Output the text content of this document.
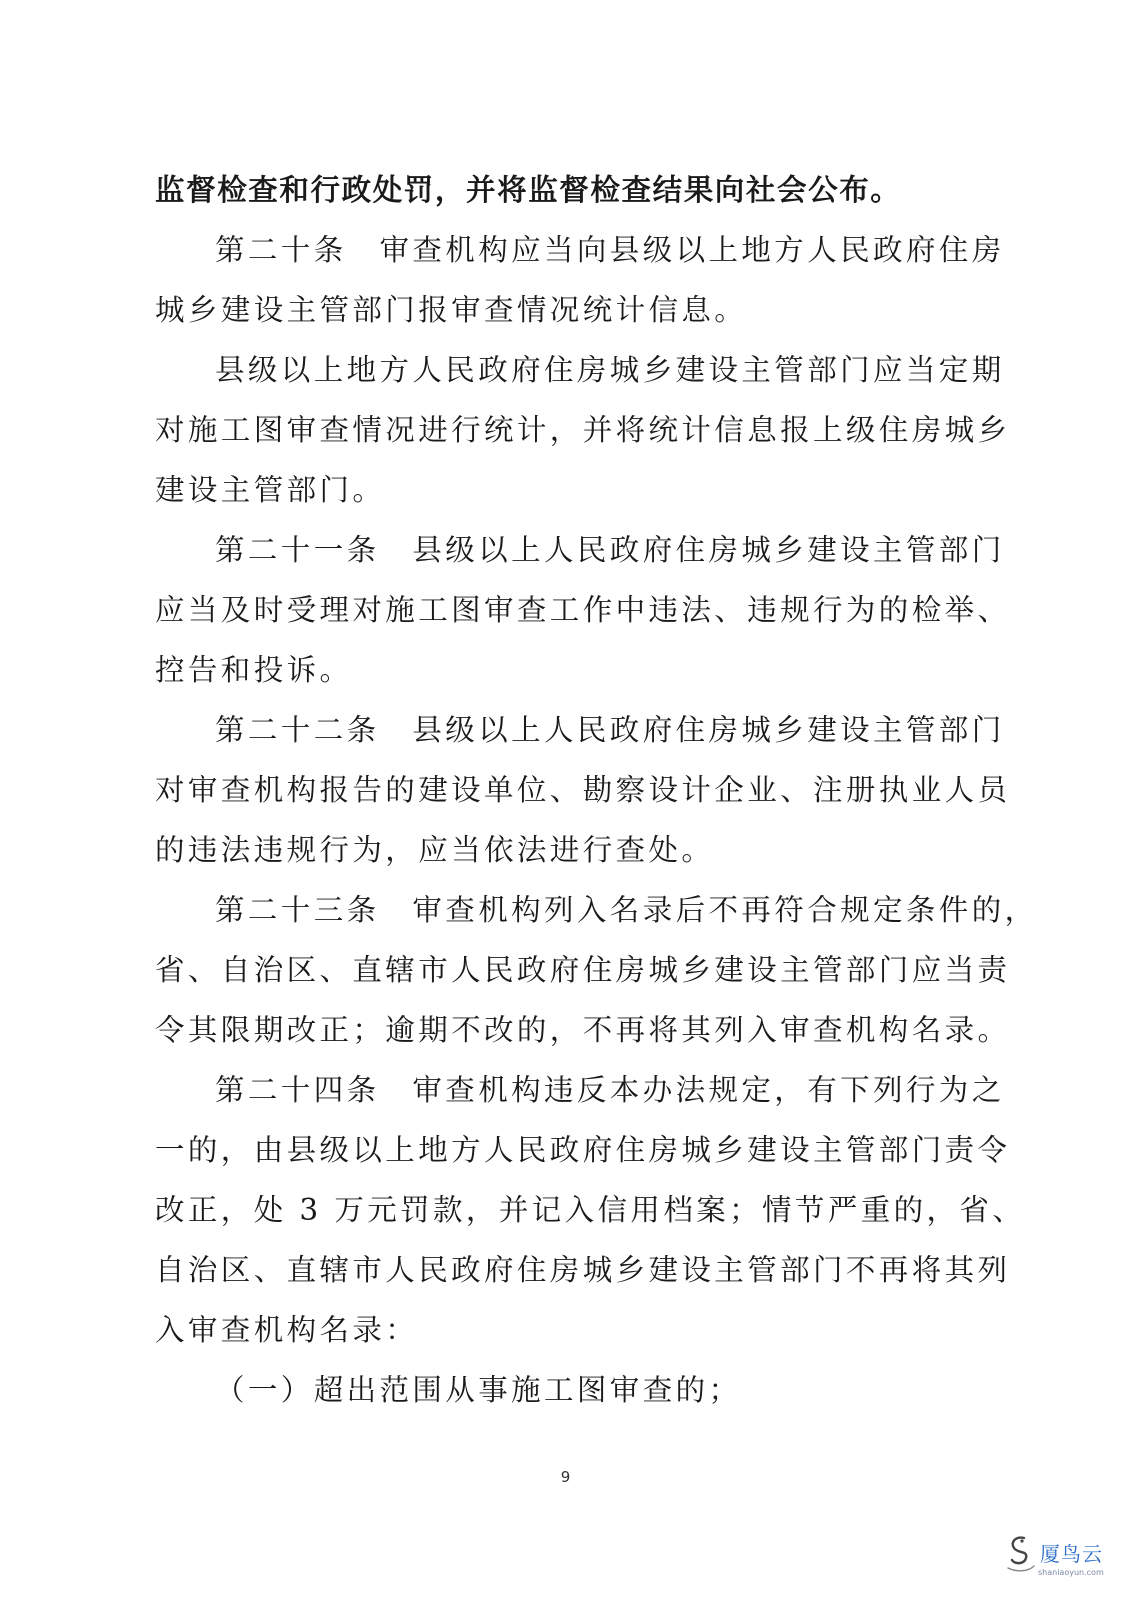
监督检查和行政处罚，并将监督检查结果向社会公布。
第二十条　审查机构应当向县级以上地方人民政府住房
城乡建设主管部门报审查情况统计信息。
县级以上地方人民政府住房城乡建设主管部门应当定期
对施工图审查情况进行统计，并将统计信息报上级住房城乡
建设主管部门。
第二十一条　县级以上人民政府住房城乡建设主管部门
应当及时受理对施工图审查工作中违法、违规行为的检举、
控告和投诉。
第二十二条　县级以上人民政府住房城乡建设主管部门
对审查机构报告的建设单位、勘察设计企业、注册执业人员
的违法违规行为，应当依法进行查处。
第二十三条　审查机构列入名录后不再符合规定条件的，
省、自治区、直辖市人民政府住房城乡建设主管部门应当责
令其限期改正；逾期不改的，不再将其列入审查机构名录。
第二十四条　审查机构违反本办法规定，有下列行为之
一的，由县级以上地方人民政府住房城乡建设主管部门责令
改正，处 3 万元罚款，并记入信用档案；情节严重的，省、
自治区、直辖市人民政府住房城乡建设主管部门不再将其列
入审查机构名录：
（一）超出范围从事施工图审查的；
9
厦鸟云
shaniaoyun.com
